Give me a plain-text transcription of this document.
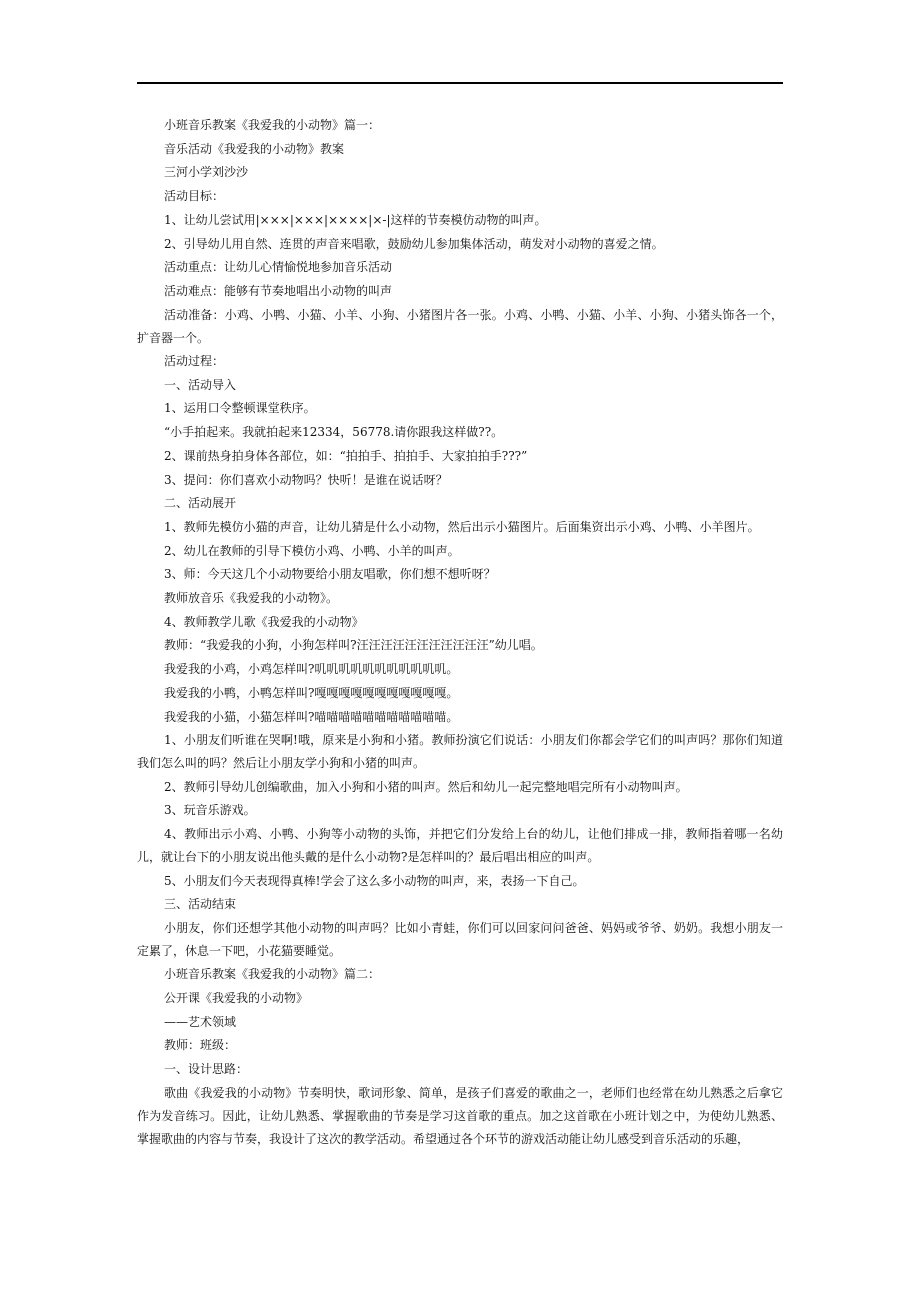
小班音乐教案《我爱我的小动物》篇一：

音乐活动《我爱我的小动物》教案

三河小学刘沙沙

活动目标：

1、让幼儿尝试用|×××|×××|××××|×-|这样的节奏模仿动物的叫声。

2、引导幼儿用自然、连贯的声音来唱歌，鼓励幼儿参加集体活动，萌发对小动物的喜爱之情。

活动重点：让幼儿心情愉悦地参加音乐活动

活动难点：能够有节奏地唱出小动物的叫声

活动准备：小鸡、小鸭、小猫、小羊、小狗、小猪图片各一张。小鸡、小鸭、小猫、小羊、小狗、小猪头饰各一个，扩音器一个。

活动过程：

一、活动导入

1、运用口令整顿课堂秩序。

“小手拍起来。我就拍起来12334，56778.请你跟我这样做??。

2、课前热身拍身体各部位，如：“拍拍手、拍拍手、大家拍拍手???”

3、提问：你们喜欢小动物吗？快听！是谁在说话呀？

二、活动展开

1、教师先模仿小猫的声音，让幼儿猜是什么小动物，然后出示小猫图片。后面集资出示小鸡、小鸭、小羊图片。

2、幼儿在教师的引导下模仿小鸡、小鸭、小羊的叫声。

3、师：今天这几个小动物要给小朋友唱歌，你们想不想听呀？

教师放音乐《我爱我的小动物》。

4、教师教学儿歌《我爱我的小动物》

教师：“我爱我的小狗，小狗怎样叫?汪汪汪汪汪汪汪汪汪汪汪”幼儿唱。

我爱我的小鸡，小鸡怎样叫?叽叽叽叽叽叽叽叽叽叽叽。

我爱我的小鸭，小鸭怎样叫?嘎嘎嘎嘎嘎嘎嘎嘎嘎嘎嘎。

我爱我的小猫，小猫怎样叫?喵喵喵喵喵喵喵喵喵喵喵。

1、小朋友们听谁在哭啊!哦，原来是小狗和小猪。教师扮演它们说话：小朋友们你都会学它们的叫声吗？那你们知道我们怎么叫的吗？然后让小朋友学小狗和小猪的叫声。

2、教师引导幼儿创编歌曲，加入小狗和小猪的叫声。然后和幼儿一起完整地唱完所有小动物叫声。

3、玩音乐游戏。

4、教师出示小鸡、小鸭、小狗等小动物的头饰，并把它们分发给上台的幼儿，让他们排成一排，教师指着哪一名幼儿，就让台下的小朋友说出他头戴的是什么小动物?是怎样叫的？最后唱出相应的叫声。

5、小朋友们今天表现得真棒!学会了这么多小动物的叫声，来，表扬一下自己。

三、活动结束

小朋友，你们还想学其他小动物的叫声吗？比如小青蛙，你们可以回家问问爸爸、妈妈或爷爷、奶奶。我想小朋友一定累了，休息一下吧，小花猫要睡觉。

小班音乐教案《我爱我的小动物》篇二：

公开课《我爱我的小动物》

——艺术领域

教师：班级：

一、设计思路：

歌曲《我爱我的小动物》节奏明快，歌词形象、简单，是孩子们喜爱的歌曲之一，老师们也经常在幼儿熟悉之后拿它作为发音练习。因此，让幼儿熟悉、掌握歌曲的节奏是学习这首歌的重点。加之这首歌在小班计划之中，为使幼儿熟悉、掌握歌曲的内容与节奏，我设计了这次的教学活动。希望通过各个环节的游戏活动能让幼儿感受到音乐活动的乐趣，
